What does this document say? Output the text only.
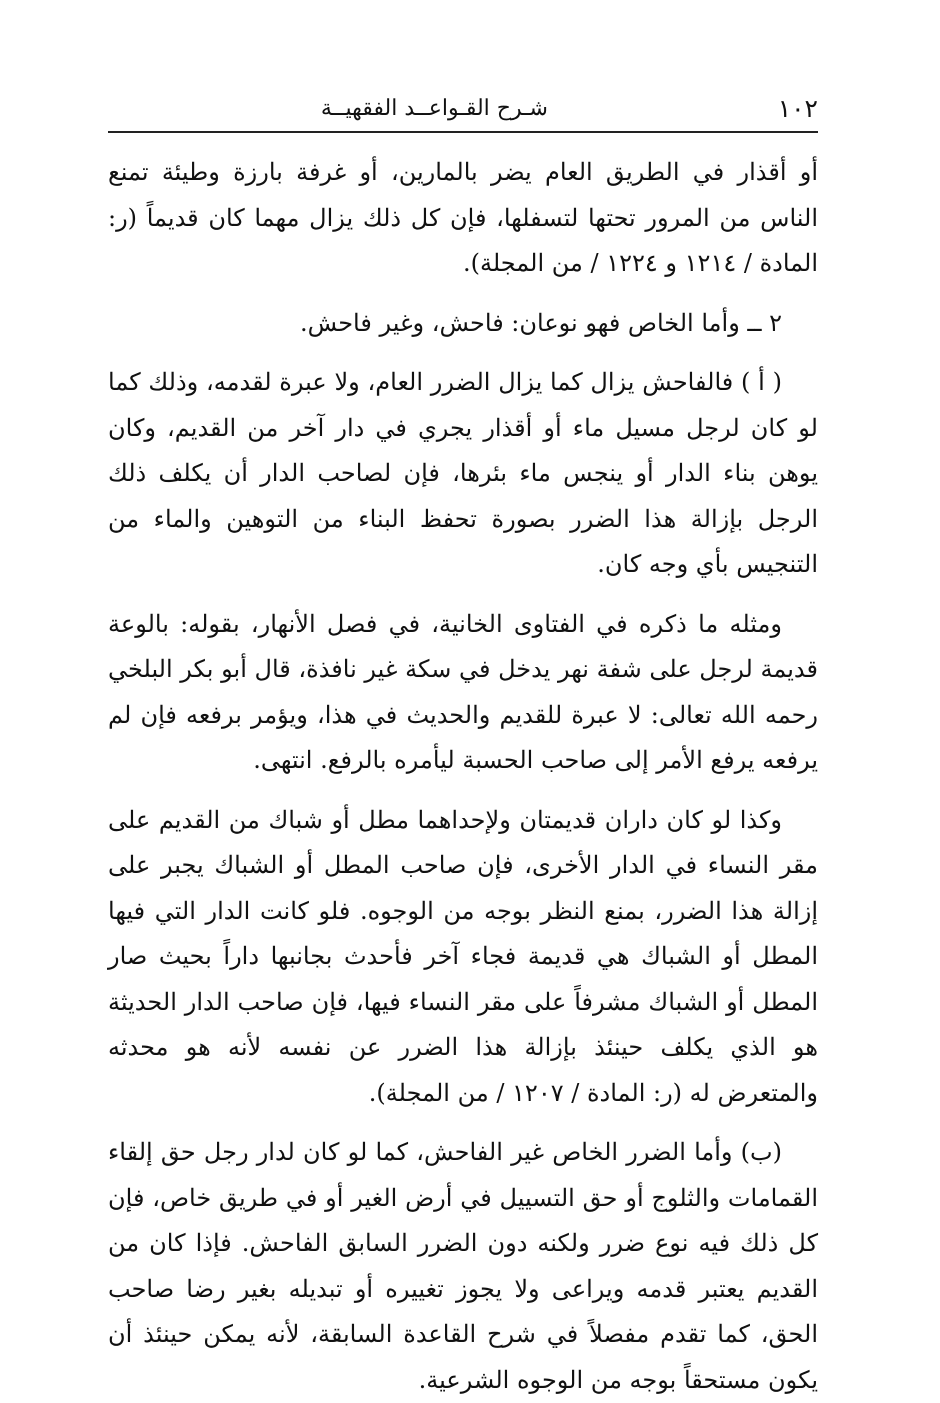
١٠٢
شـرح القـواعــد الفقهيــة

أو أقذار في الطريق العام يضر بالمارين، أو غرفة بارزة وطيئة تمنع الناس من المرور تحتها لتسفلها، فإن كل ذلك يزال مهما كان قديماً (ر: المادة / ١٢١٤ و ١٢٢٤ / من المجلة).

٢ ــ وأما الخاص فهو نوعان: فاحش، وغير فاحش.

( أ ) فالفاحش يزال كما يزال الضرر العام، ولا عبرة لقدمه، وذلك كما لو كان لرجل مسيل ماء أو أقذار يجري في دار آخر من القديم، وكان يوهن بناء الدار أو ينجس ماء بئرها، فإن لصاحب الدار أن يكلف ذلك الرجل بإزالة هذا الضرر بصورة تحفظ البناء من التوهين والماء من التنجيس بأي وجه كان.

ومثله ما ذكره في الفتاوى الخانية، في فصل الأنهار، بقوله: بالوعة قديمة لرجل على شفة نهر يدخل في سكة غير نافذة، قال أبو بكر البلخي رحمه الله تعالى: لا عبرة للقديم والحديث في هذا، ويؤمر برفعه فإن لم يرفعه يرفع الأمر إلى صاحب الحسبة ليأمره بالرفع. انتهى.

وكذا لو كان داران قديمتان ولإحداهما مطل أو شباك من القديم على مقر النساء في الدار الأخرى، فإن صاحب المطل أو الشباك يجبر على إزالة هذا الضرر، بمنع النظر بوجه من الوجوه. فلو كانت الدار التي فيها المطل أو الشباك هي قديمة فجاء آخر فأحدث بجانبها داراً بحيث صار المطل أو الشباك مشرفاً على مقر النساء فيها، فإن صاحب الدار الحديثة هو الذي يكلف حينئذ بإزالة هذا الضرر عن نفسه لأنه هو محدثه والمتعرض له (ر: المادة / ١٢٠٧ / من المجلة).

(ب) وأما الضرر الخاص غير الفاحش، كما لو كان لدار رجل حق إلقاء القمامات والثلوج أو حق التسييل في أرض الغير أو في طريق خاص، فإن كل ذلك فيه نوع ضرر ولكنه دون الضرر السابق الفاحش. فإذا كان من القديم يعتبر قدمه ويراعى ولا يجوز تغييره أو تبديله بغير رضا صاحب الحق، كما تقدم مفصلاً في شرح القاعدة السابقة، لأنه يمكن حينئذ أن يكون مستحقاً بوجه من الوجوه الشرعية.
